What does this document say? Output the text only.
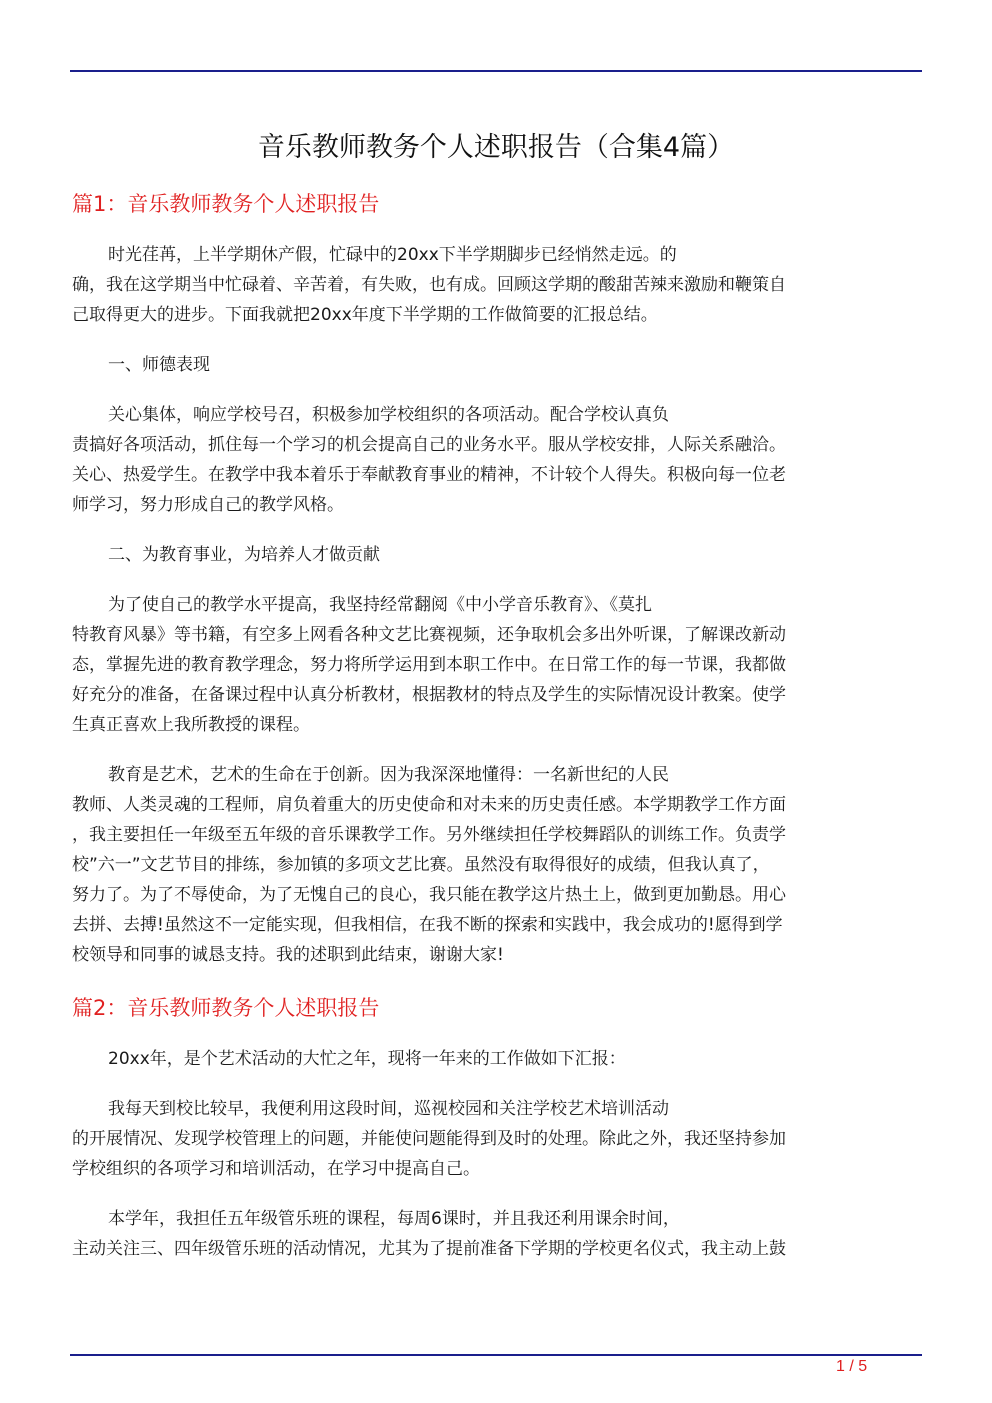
音乐教师教务个人述职报告（合集4篇）
篇1：音乐教师教务个人述职报告

时光荏苒，上半学期休产假，忙碌中的20xx下半学期脚步已经悄然走远。的
确，我在这学期当中忙碌着、辛苦着，有失败，也有成。回顾这学期的酸甜苦辣来激励和鞭策自
己取得更大的进步。下面我就把20xx年度下半学期的工作做简要的汇报总结。

一、师德表现

关心集体，响应学校号召，积极参加学校组织的各项活动。配合学校认真负
责搞好各项活动，抓住每一个学习的机会提高自己的业务水平。服从学校安排，人际关系融洽。
关心、热爱学生。在教学中我本着乐于奉献教育事业的精神，不计较个人得失。积极向每一位老
师学习，努力形成自己的教学风格。

二、为教育事业，为培养人才做贡献

为了使自己的教学水平提高，我坚持经常翻阅《中小学音乐教育》、《莫扎
特教育风暴》等书籍，有空多上网看各种文艺比赛视频，还争取机会多出外听课，了解课改新动
态，掌握先进的教育教学理念，努力将所学运用到本职工作中。在日常工作的每一节课，我都做
好充分的准备，在备课过程中认真分析教材，根据教材的特点及学生的实际情况设计教案。使学
生真正喜欢上我所教授的课程。

教育是艺术，艺术的生命在于创新。因为我深深地懂得：一名新世纪的人民
教师、人类灵魂的工程师，肩负着重大的历史使命和对未来的历史责任感。本学期教学工作方面
，我主要担任一年级至五年级的音乐课教学工作。另外继续担任学校舞蹈队的训练工作。负责学
校”六一”文艺节目的排练，参加镇的多项文艺比赛。虽然没有取得很好的成绩，但我认真了，
努力了。为了不辱使命，为了无愧自己的良心，我只能在教学这片热土上，做到更加勤恳。用心
去拼、去搏!虽然这不一定能实现，但我相信，在我不断的探索和实践中，我会成功的!愿得到学
校领导和同事的诚恳支持。我的述职到此结束，谢谢大家!

篇2：音乐教师教务个人述职报告

20xx年，是个艺术活动的大忙之年，现将一年来的工作做如下汇报：

我每天到校比较早，我便利用这段时间，巡视校园和关注学校艺术培训活动
的开展情况、发现学校管理上的问题，并能使问题能得到及时的处理。除此之外，我还坚持参加
学校组织的各项学习和培训活动，在学习中提高自己。

本学年，我担任五年级管乐班的课程，每周6课时，并且我还利用课余时间，
主动关注三、四年级管乐班的活动情况，尤其为了提前准备下学期的学校更名仪式，我主动上鼓

1 / 5
